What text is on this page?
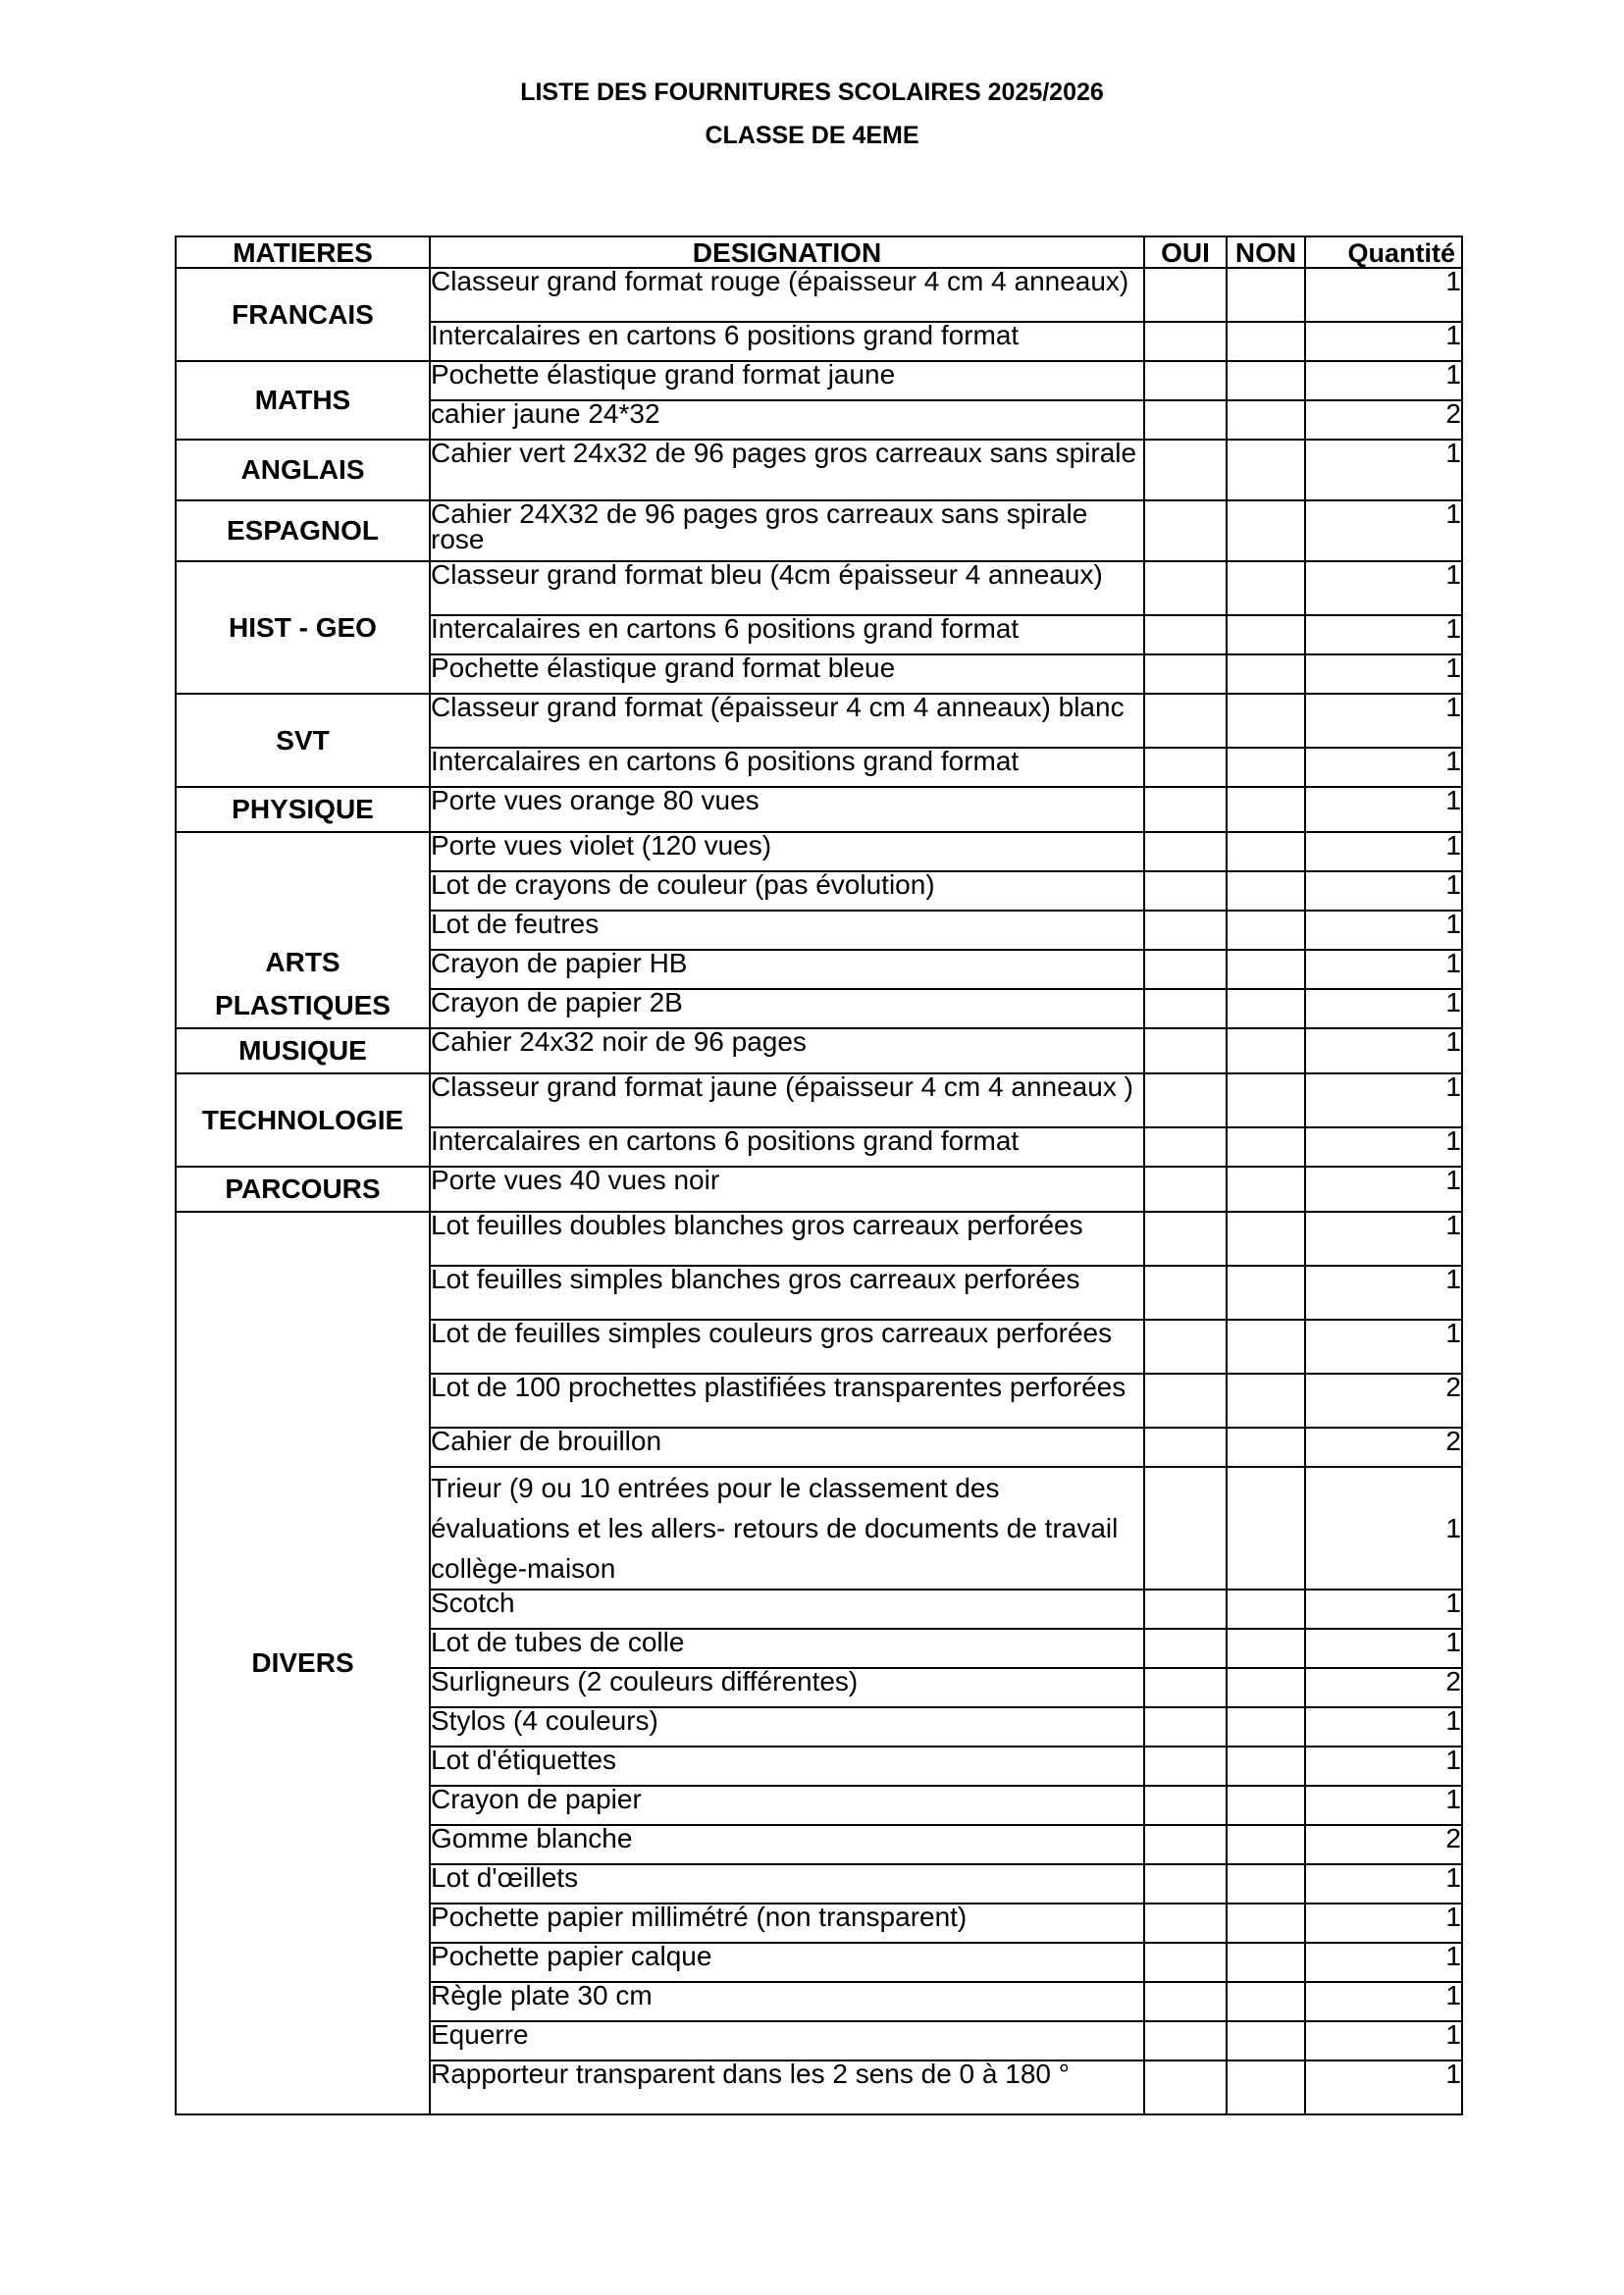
LISTE DES FOURNITURES SCOLAIRES 2025/2026
CLASSE DE 4EME
MATIERES	DESIGNATION	OUI	NON	Quantité
FRANCAIS	Classeur grand format rouge (épaisseur 4 cm 4 anneaux)			1
	Intercalaires en cartons 6 positions grand format			1
MATHS	Pochette élastique grand format jaune			1
	cahier jaune 24*32			2
ANGLAIS	Cahier vert 24x32 de 96 pages gros carreaux sans spirale			1
ESPAGNOL	Cahier 24X32 de 96 pages gros carreaux sans spirale rose			1
HIST - GEO	Classeur grand format bleu (4cm épaisseur 4 anneaux)			1
	Intercalaires en cartons 6 positions grand format			1
	Pochette élastique grand format bleue			1
SVT	Classeur grand format (épaisseur 4 cm 4 anneaux) blanc			1
	Intercalaires en cartons 6 positions grand format			1
PHYSIQUE	Porte vues orange 80 vues			1
ARTS PLASTIQUES	Porte vues violet (120 vues)			1
	Lot de crayons de couleur (pas évolution)			1
	Lot de feutres			1
	Crayon de papier HB			1
	Crayon de papier 2B			1
MUSIQUE	Cahier 24x32 noir de 96 pages			1
TECHNOLOGIE	Classeur grand format jaune (épaisseur 4 cm 4 anneaux )			1
	Intercalaires en cartons 6 positions grand format			1
PARCOURS	Porte vues 40 vues noir			1
DIVERS	Lot feuilles doubles blanches gros carreaux perforées			1
	Lot feuilles simples blanches gros carreaux perforées			1
	Lot de feuilles simples couleurs gros carreaux perforées			1
	Lot de 100 prochettes plastifiées transparentes perforées			2
	Cahier de brouillon			2
	Trieur (9 ou 10 entrées pour le classement des évaluations et les allers- retours de documents de travail collège-maison			1
	Scotch			1
	Lot de tubes de colle			1
	Surligneurs (2 couleurs différentes)			2
	Stylos (4 couleurs)			1
	Lot d'étiquettes			1
	Crayon de papier			1
	Gomme blanche			2
	Lot d'œillets			1
	Pochette papier millimétré (non transparent)			1
	Pochette papier calque			1
	Règle plate 30 cm			1
	Equerre			1
	Rapporteur transparent dans les 2 sens de 0 à 180 °			1
